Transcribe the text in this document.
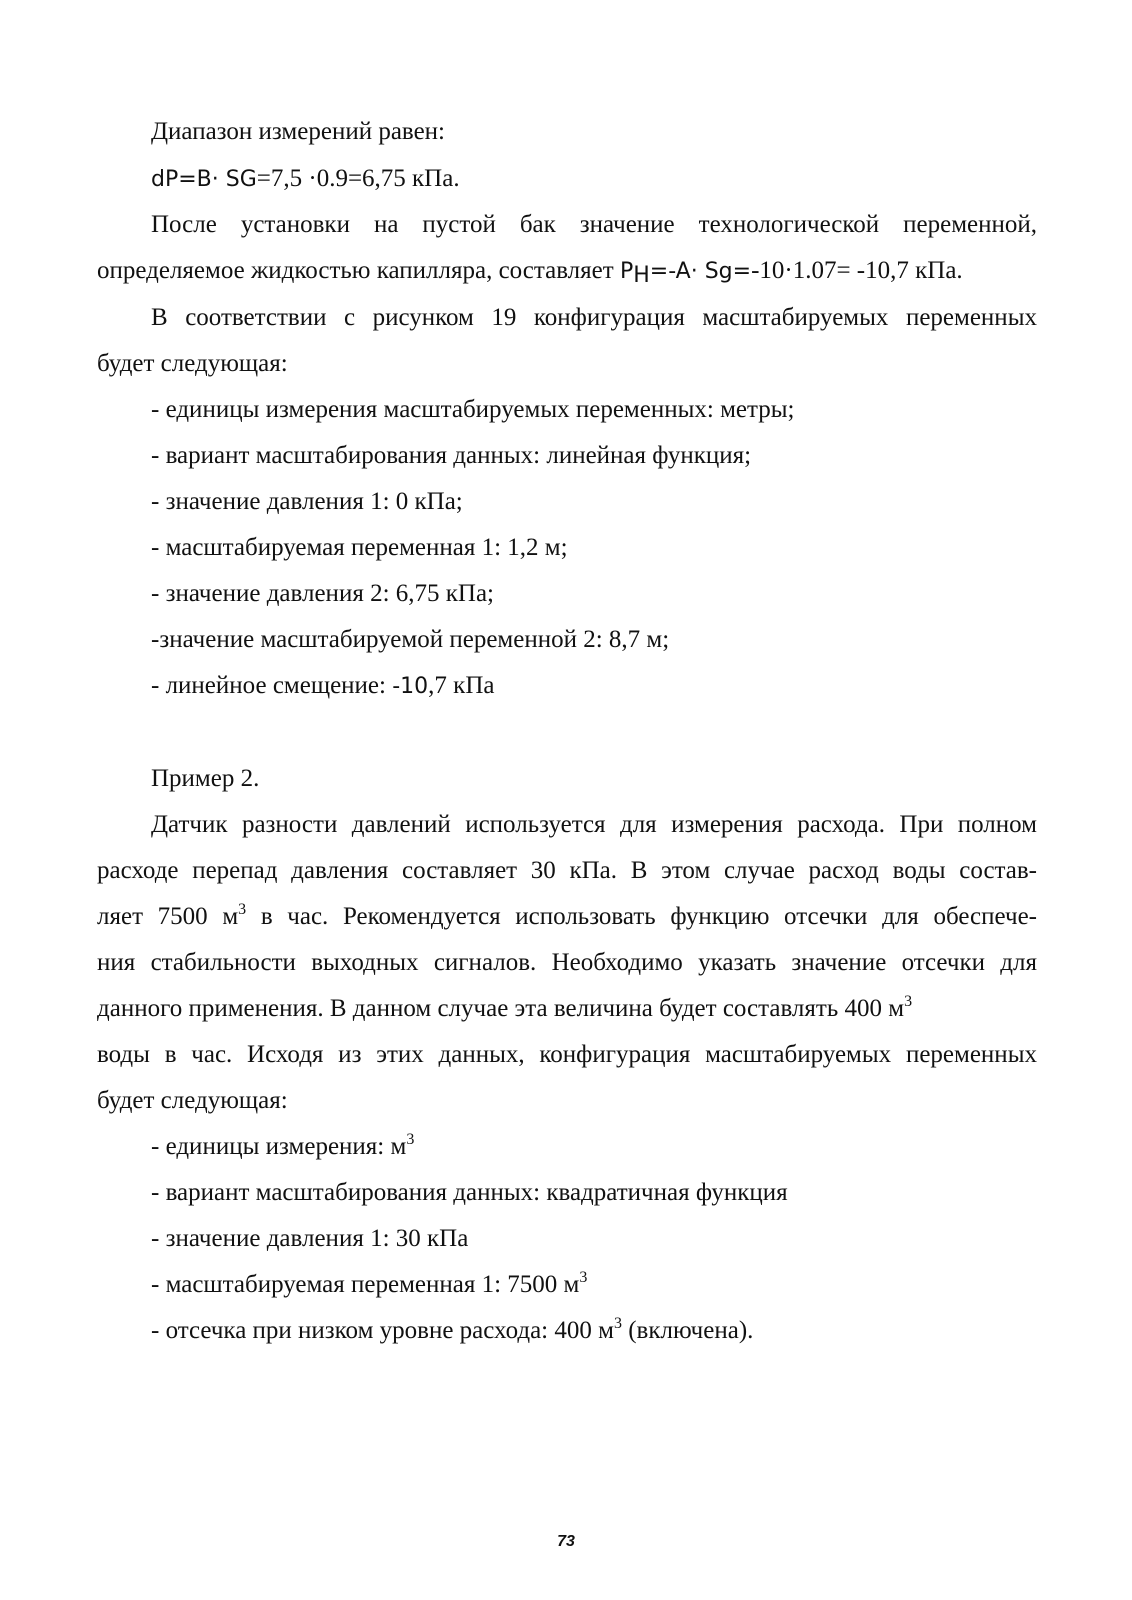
Диапазон измерений равен:
dP=B· SG=7,5 ·0.9=6,75 кПа.
После установки на пустой бак значение технологической переменной,
определяемое жидкостью капилляра, составляет $P_H=-A\cdot Sg=-10\cdot 1.07= -10,7$ кПа.
В соответствии с рисунком 19 конфигурация масштабируемых переменных
будет следующая:
- единицы измерения масштабируемых переменных: метры;
- вариант масштабирования данных: линейная функция;
- значение давления 1: 0 кПа;
- масштабируемая переменная 1: 1,2 м;
- значение давления 2: 6,75 кПа;
-значение масштабируемой переменной 2: 8,7 м;
- линейное смещение: -10,7 кПа
Пример 2.
Датчик разности давлений используется для измерения расхода. При полном
расходе перепад давления составляет 30 кПа. В этом случае расход воды состав-
ляет 7500 $м^3$ в час. Рекомендуется использовать функцию отсечки для обеспече-
ния стабильности выходных сигналов. Необходимо указать значение отсечки для
данного применения. В данном случае эта величина будет составлять 400 $м^3$
воды в час. Исходя из этих данных, конфигурация масштабируемых переменных
будет следующая:
- единицы измерения: $м^3$
- вариант масштабирования данных: квадратичная функция
- значение давления 1: 30 кПа
- масштабируемая переменная 1: 7500 $м^3$
- отсечка при низком уровне расхода: 400 $м^3$ (включена).
73
